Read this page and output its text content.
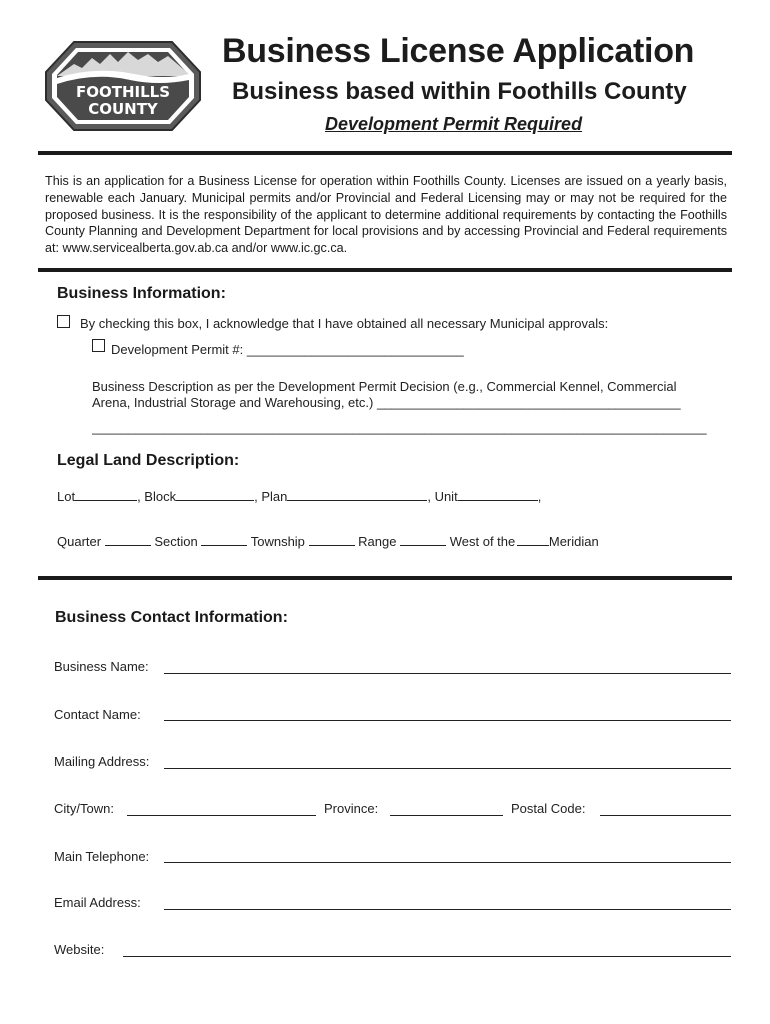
FOOTHILLS
COUNTY
Business License Application
Business based within Foothills County
Development Permit Required
This is an application for a Business License for operation within Foothills County. Licenses are issued on a yearly basis, renewable each January. Municipal permits and/or Provincial and Federal Licensing may or may not be required for the proposed business. It is the responsibility of the applicant to determine additional requirements by contacting the Foothills County Planning and Development Department for local provisions and by accessing Provincial and Federal requirements at: www.servicealberta.gov.ab.ca and/or www.ic.gc.ca.
Business Information:
By checking this box, I acknowledge that I have obtained all necessary Municipal approvals:
Development Permit #: ______________________________
Business Description as per the Development Permit Decision (e.g., Commercial Kennel, Commercial
Arena, Industrial Storage and Warehousing, etc.) __________________________________________
_____________________________________________________________________________________
Legal Land Description:
Lot	, Block	, Plan	, Unit	,
Quarter	Section	Township	Range	West of the	Meridian
Business Contact Information:
Business Name:
Contact Name:
Mailing Address:
City/Town:	Province:	Postal Code:
Main Telephone:
Email Address:
Website:
